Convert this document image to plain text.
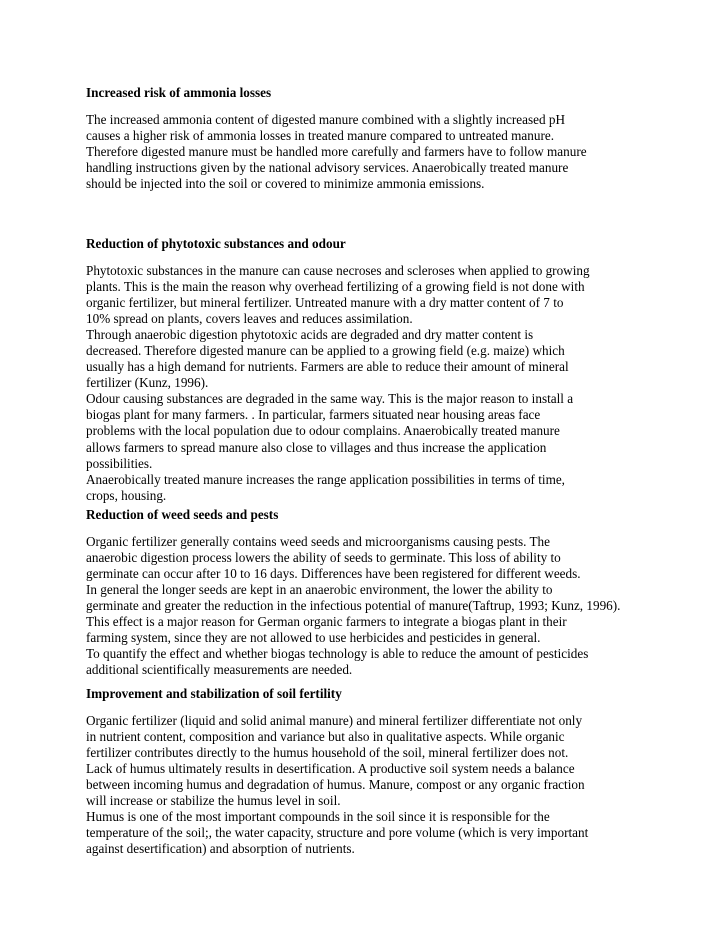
Increased risk of ammonia losses
The increased ammonia content of digested manure combined with a slightly increased pH
causes a higher risk of ammonia losses in treated manure compared to untreated manure.
Therefore digested manure must be handled more carefully and farmers have to follow manure
handling instructions given by the national advisory services. Anaerobically treated manure
should be injected into the soil or covered to minimize ammonia emissions.
Reduction of phytotoxic substances and odour
Phytotoxic substances in the manure can cause necroses and scleroses when applied to growing
plants. This is the main the reason why overhead fertilizing of a growing field is not done with
organic fertilizer, but mineral fertilizer. Untreated manure with a dry matter content of 7 to
10% spread on plants, covers leaves and reduces assimilation.
Through anaerobic digestion phytotoxic acids are degraded and dry matter content is
decreased. Therefore digested manure can be applied to a growing field (e.g. maize) which
usually has a high demand for nutrients. Farmers are able to reduce their amount of mineral
fertilizer (Kunz, 1996).
Odour causing substances are degraded in the same way. This is the major reason to install a
biogas plant for many farmers. . In particular, farmers situated near housing areas face
problems with the local population due to odour complains. Anaerobically treated manure
allows farmers to spread manure also close to villages and thus increase the application
possibilities.
Anaerobically treated manure increases the range application possibilities in terms of time,
crops, housing.
Reduction of weed seeds and pests
Organic fertilizer generally contains weed seeds and microorganisms causing pests. The
anaerobic digestion process lowers the ability of seeds to germinate. This loss of ability to
germinate can occur after 10 to 16 days. Differences have been registered for different weeds.
In general the longer seeds are kept in an anaerobic environment, the lower the ability to
germinate and greater the reduction in the infectious potential of manure(Taftrup, 1993; Kunz, 1996).
This effect is a major reason for German organic farmers to integrate a biogas plant in their
farming system, since they are not allowed to use herbicides and pesticides in general.
To quantify the effect and whether biogas technology is able to reduce the amount of pesticides
additional scientifically measurements are needed.
Improvement and stabilization of soil fertility
Organic fertilizer (liquid and solid animal manure) and mineral fertilizer differentiate not only
in nutrient content, composition and variance but also in qualitative aspects. While organic
fertilizer contributes directly to the humus household of the soil, mineral fertilizer does not.
Lack of humus ultimately results in desertification. A productive soil system needs a balance
between incoming humus and degradation of humus. Manure, compost or any organic fraction
will increase or stabilize the humus level in soil.
Humus is one of the most important compounds in the soil since it is responsible for the
temperature of the soil;, the water capacity, structure and pore volume (which is very important
against desertification) and absorption of nutrients.
